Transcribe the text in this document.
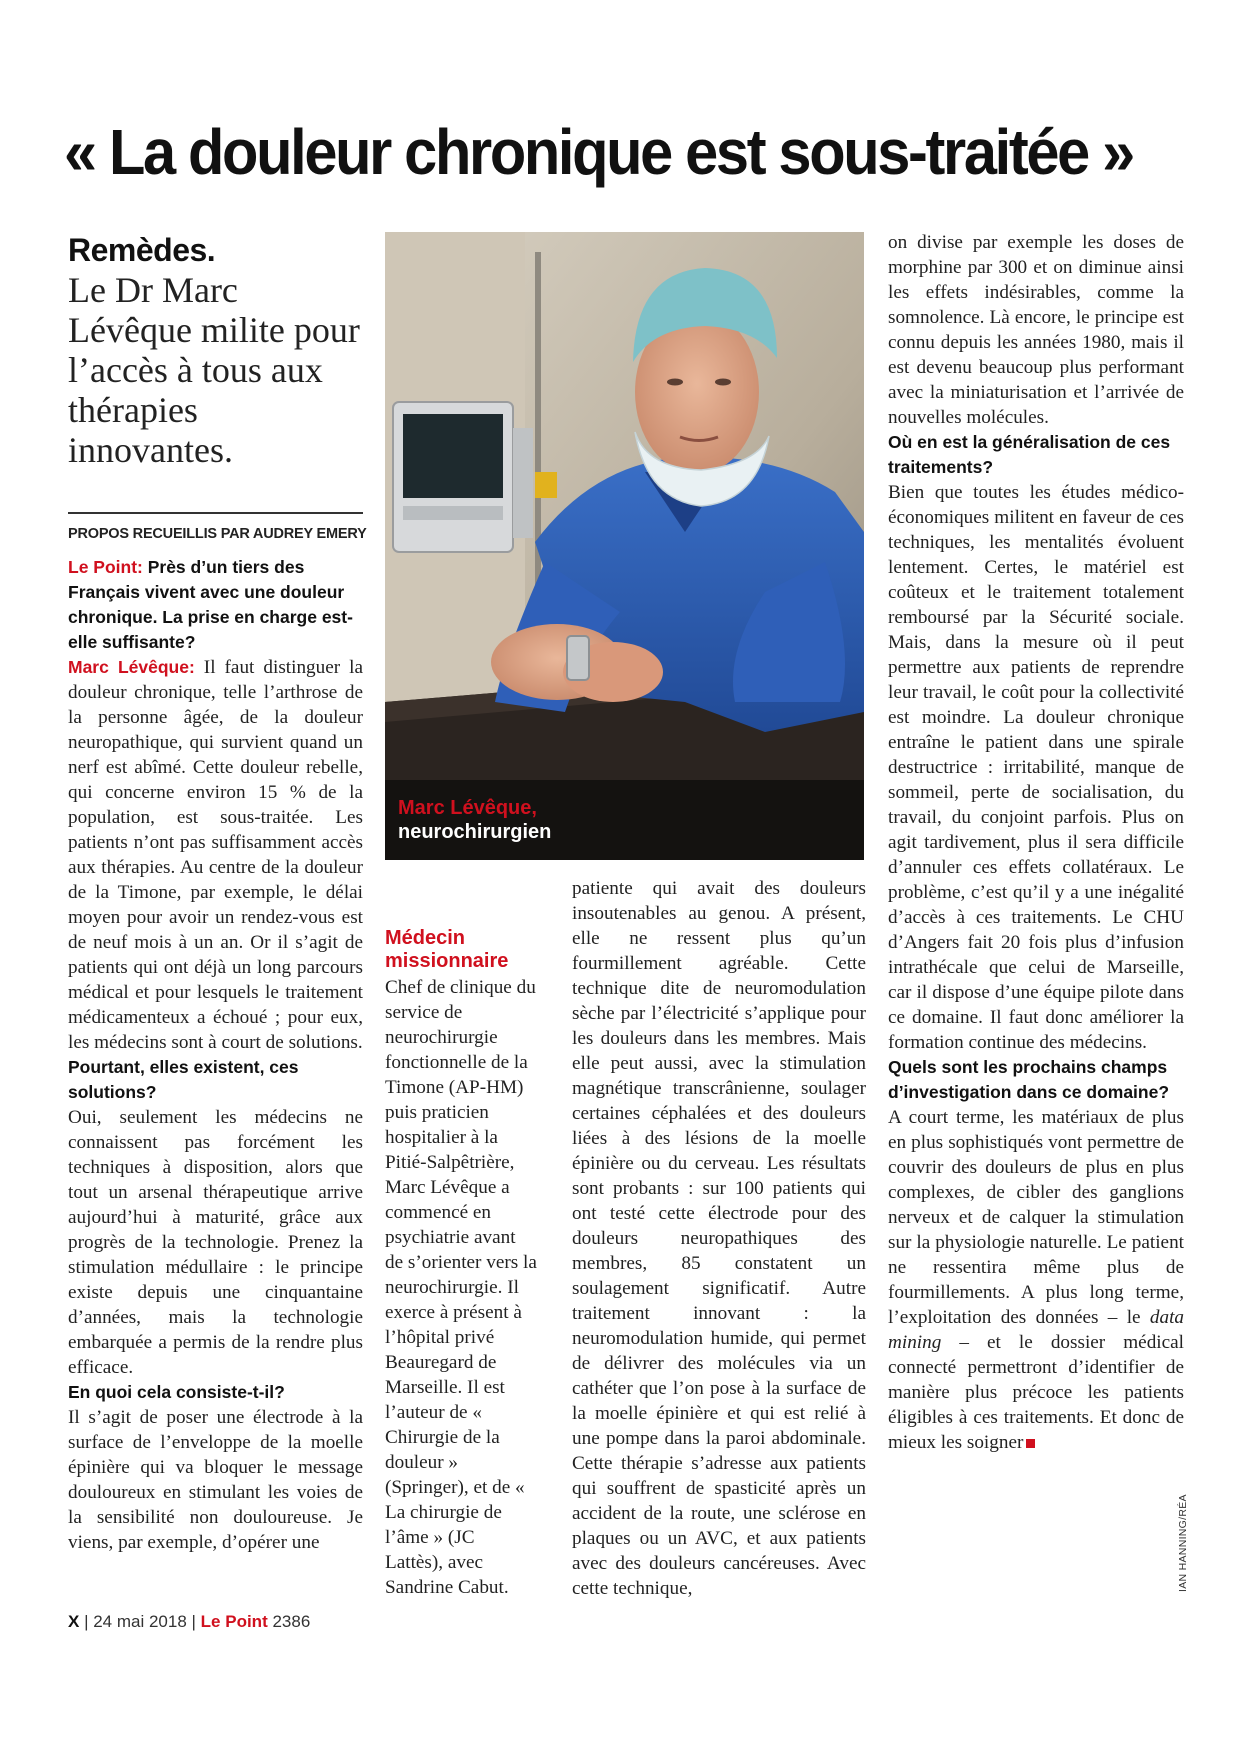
« La douleur chronique est sous-traitée »
Remèdes.
Le Dr Marc Lévêque milite pour l’accès à tous aux thérapies innovantes.
PROPOS RECUEILLIS PAR AUDREY EMERY

Le Point: Près d’un tiers des Français vivent avec une douleur chronique. La prise en charge est-elle suffisante?

Marc Lévêque: Il faut distinguer la douleur chronique, telle l’arthrose de la personne âgée, de la douleur neuropathique, qui survient quand un nerf est abîmé. Cette douleur rebelle, qui concerne environ 15 % de la population, est sous-traitée. Les patients n’ont pas suffisamment accès aux thérapies. Au centre de la douleur de la Timone, par exemple, le délai moyen pour avoir un rendez-vous est de neuf mois à un an. Or il s’agit de patients qui ont déjà un long parcours médical et pour lesquels le traitement médicamenteux a échoué ; pour eux, les médecins sont à court de solutions.

Pourtant, elles existent, ces solutions?

Oui, seulement les médecins ne connaissent pas forcément les techniques à disposition, alors que tout un arsenal thérapeutique arrive aujourd’hui à maturité, grâce aux progrès de la technologie. Prenez la stimulation médullaire : le principe existe depuis une cinquantaine d’années, mais la technologie embarquée a permis de la rendre plus efficace.

En quoi cela consiste-t-il?

Il s’agit de poser une électrode à la surface de l’enveloppe de la moelle épinière qui va bloquer le message douloureux en stimulant les voies de la sensibilité non douloureuse. Je viens, par exemple, d’opérer une

Marc Lévêque,
neurochirurgien
Médecin missionnaire

Chef de clinique du service de neurochirurgie fonctionnelle de la Timone (AP-HM) puis praticien hospitalier à la Pitié-Salpêtrière, Marc Lévêque a commencé en psychiatrie avant de s’orienter vers la neurochirurgie. Il exerce à présent à l’hôpital privé Beauregard de Marseille. Il est l’auteur de « Chirurgie de la douleur » (Springer), et de « La chirurgie de l’âme » (JC Lattès), avec Sandrine Cabut.

patiente qui avait des douleurs insoutenables au genou. A présent, elle ne ressent plus qu’un fourmillement agréable. Cette technique dite de neuromodulation sèche par l’électricité s’applique pour les douleurs dans les membres. Mais elle peut aussi, avec la stimulation magnétique transcrânienne, soulager certaines céphalées et des douleurs liées à des lésions de la moelle épinière ou du cerveau. Les résultats sont probants : sur 100 patients qui ont testé cette électrode pour des douleurs neuropathiques des membres, 85 constatent un soulagement significatif. Autre traitement innovant : la neuromodulation humide, qui permet de délivrer des molécules via un cathéter que l’on pose à la surface de la moelle épinière et qui est relié à une pompe dans la paroi abdominale. Cette thérapie s’adresse aux patients qui souffrent de spasticité après un accident de la route, une sclérose en plaques ou un AVC, et aux patients avec des douleurs cancéreuses. Avec cette technique,

on divise par exemple les doses de morphine par 300 et on diminue ainsi les effets indésirables, comme la somnolence. Là encore, le principe est connu depuis les années 1980, mais il est devenu beaucoup plus performant avec la miniaturisation et l’arrivée de nouvelles molécules.

Où en est la généralisation de ces traitements?

Bien que toutes les études médico-économiques militent en faveur de ces techniques, les mentalités évoluent lentement. Certes, le matériel est coûteux et le traitement totalement remboursé par la Sécurité sociale. Mais, dans la mesure où il peut permettre aux patients de reprendre leur travail, le coût pour la collectivité est moindre. La douleur chronique entraîne le patient dans une spirale destructrice : irritabilité, manque de sommeil, perte de socialisation, du travail, du conjoint parfois. Plus on agit tardivement, plus il sera difficile d’annuler ces effets collatéraux. Le problème, c’est qu’il y a une inégalité d’accès à ces traitements. Le CHU d’Angers fait 20 fois plus d’infusion intrathécale que celui de Marseille, car il dispose d’une équipe pilote dans ce domaine. Il faut donc améliorer la formation continue des médecins.

Quels sont les prochains champs d’investigation dans ce domaine?

A court terme, les matériaux de plus en plus sophistiqués vont permettre de couvrir des douleurs de plus en plus complexes, de cibler des ganglions nerveux et de calquer la stimulation sur la physiologie naturelle. Le patient ne ressentira même plus de fourmillements. A plus long terme, l’exploitation des données – le data mining – et le dossier médical connecté permettront d’identifier de manière plus précoce les patients éligibles à ces traitements. Et donc de mieux les soigner

IAN HANNING/RÉA
X | 24 mai 2018 | Le Point 2386
